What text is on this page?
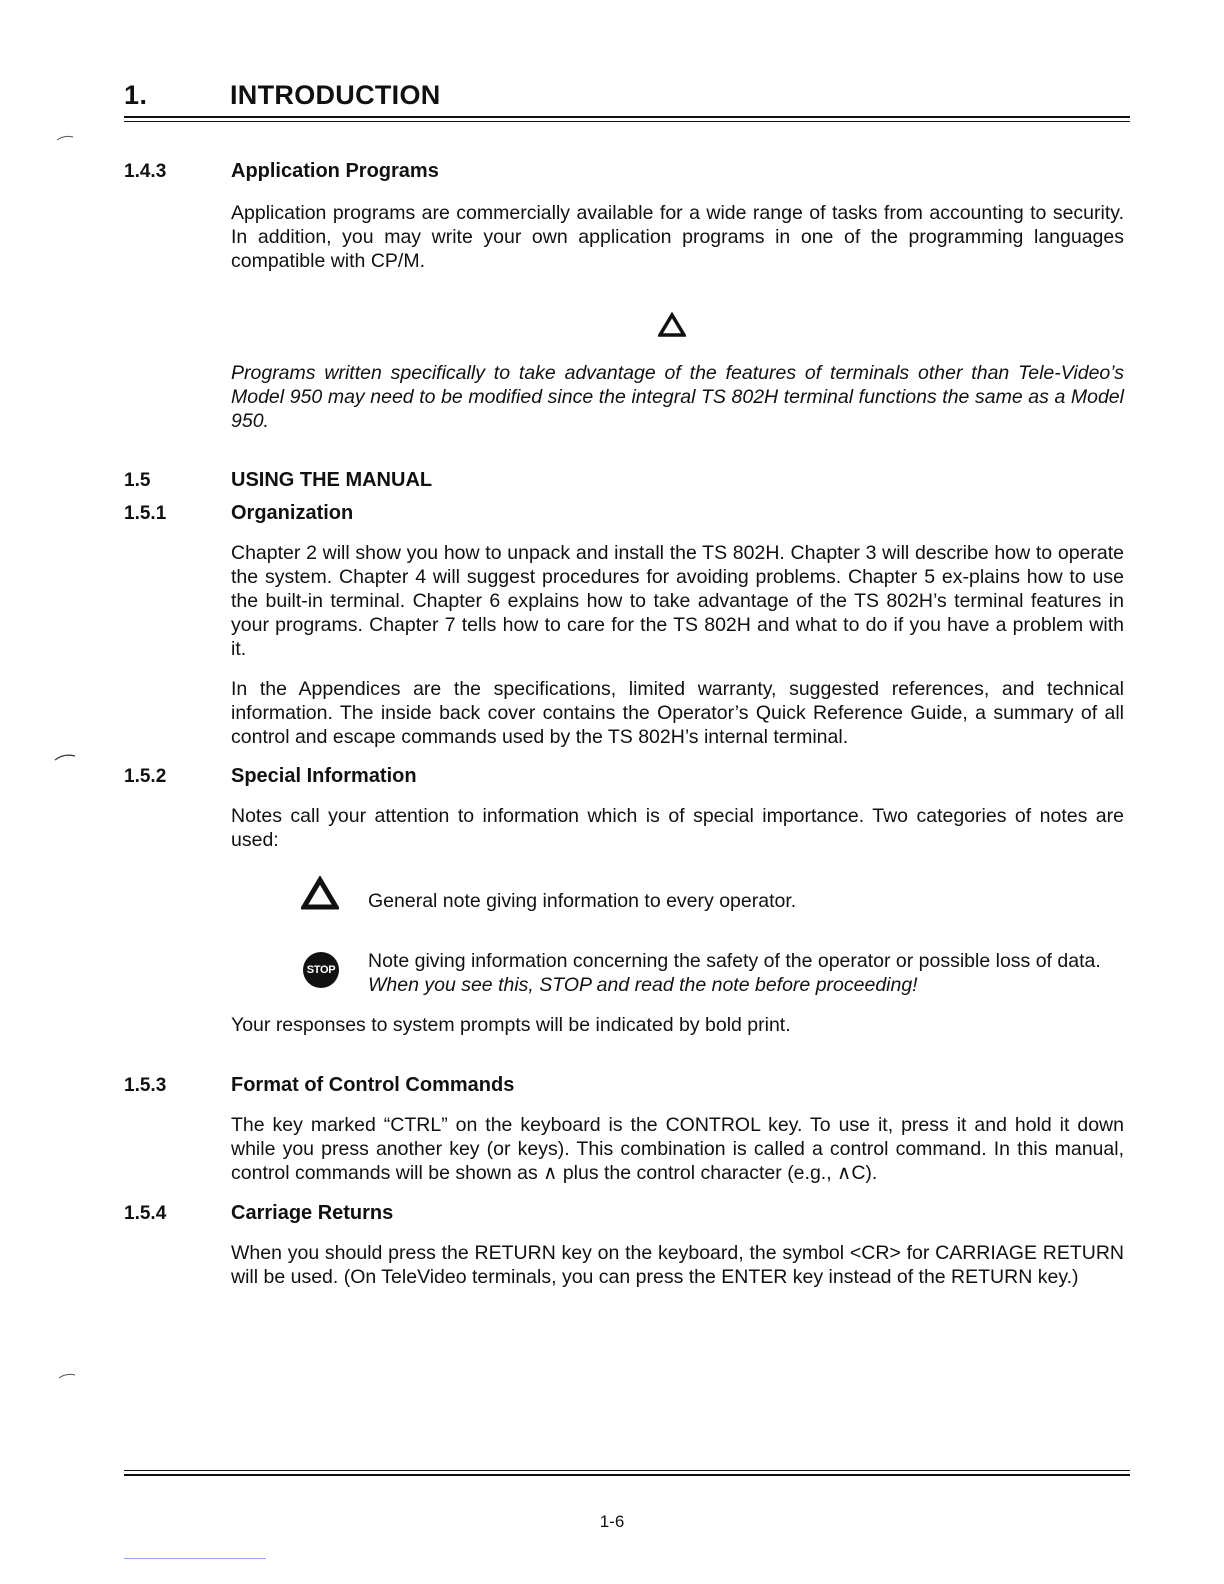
1.	INTRODUCTION
1.4.3	Application Programs

Application programs are commercially available for a wide range of tasks from accounting to security. In addition, you may write your own application programs in one of the programming languages compatible with CP/M.

Programs written specifically to take advantage of the features of terminals other than Tele-Video’s Model 950 may need to be modified since the integral TS 802H terminal functions the same as a Model 950.

1.5	USING THE MANUAL
1.5.1	Organization

Chapter 2 will show you how to unpack and install the TS 802H. Chapter 3 will describe how to operate the system. Chapter 4 will suggest procedures for avoiding problems. Chapter 5 ex-plains how to use the built-in terminal. Chapter 6 explains how to take advantage of the TS 802H’s terminal features in your programs. Chapter 7 tells how to care for the TS 802H and what to do if you have a problem with it.

In the Appendices are the specifications, limited warranty, suggested references, and technical information. The inside back cover contains the Operator’s Quick Reference Guide, a summary of all control and escape commands used by the TS 802H’s internal terminal.

1.5.2	Special Information

Notes call your attention to information which is of special importance. Two categories of notes are used:

General note giving information to every operator.

STOP Note giving information concerning the safety of the operator or possible loss of data. When you see this, STOP and read the note before proceeding!

Your responses to system prompts will be indicated by bold print.

1.5.3	Format of Control Commands

The key marked “CTRL” on the keyboard is the CONTROL key. To use it, press it and hold it down while you press another key (or keys). This combination is called a control command. In this manual, control commands will be shown as ∧ plus the control character (e.g., ∧C).

1.5.4	Carriage Returns

When you should press the RETURN key on the keyboard, the symbol <CR> for CARRIAGE RETURN will be used. (On TeleVideo terminals, you can press the ENTER key instead of the RETURN key.)

1-6
